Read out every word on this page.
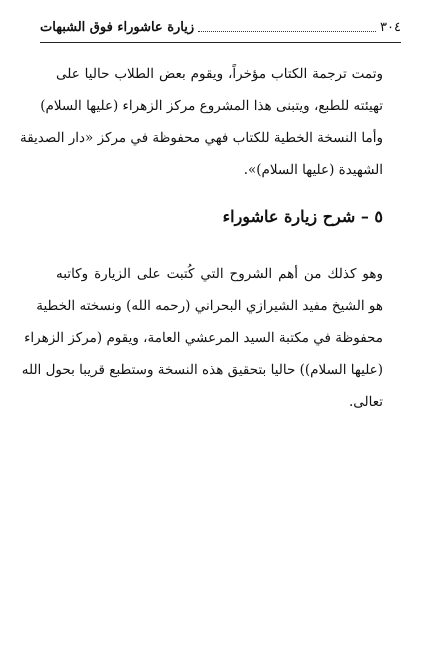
٣٠٤
زيارة عاشوراء فوق الشبهات

وتمت ترجمة الكتاب مؤخراً، ويقوم بعض الطلاب حاليا على
تهيئته للطبع، ويتبنى هذا المشروع مركز الزهراء (عليها السلام)
وأما النسخة الخطية للكتاب فهي محفوظة في مركز «دار الصديقة
الشهيدة (عليها السلام)».

٥ – شرح زيارة عاشوراء

وهو كذلك من أهم الشروح التي كُتبت على الزيارة وكاتبه
هو الشيخ مفيد الشيرازي البحراني (رحمه الله) ونسخته الخطية
محفوظة في مكتبة السيد المرعشي العامة، ويقوم (مركز الزهراء
(عليها السلام)) حاليا بتحقيق هذه النسخة وستطبع قريبا بحول الله
تعالى.
